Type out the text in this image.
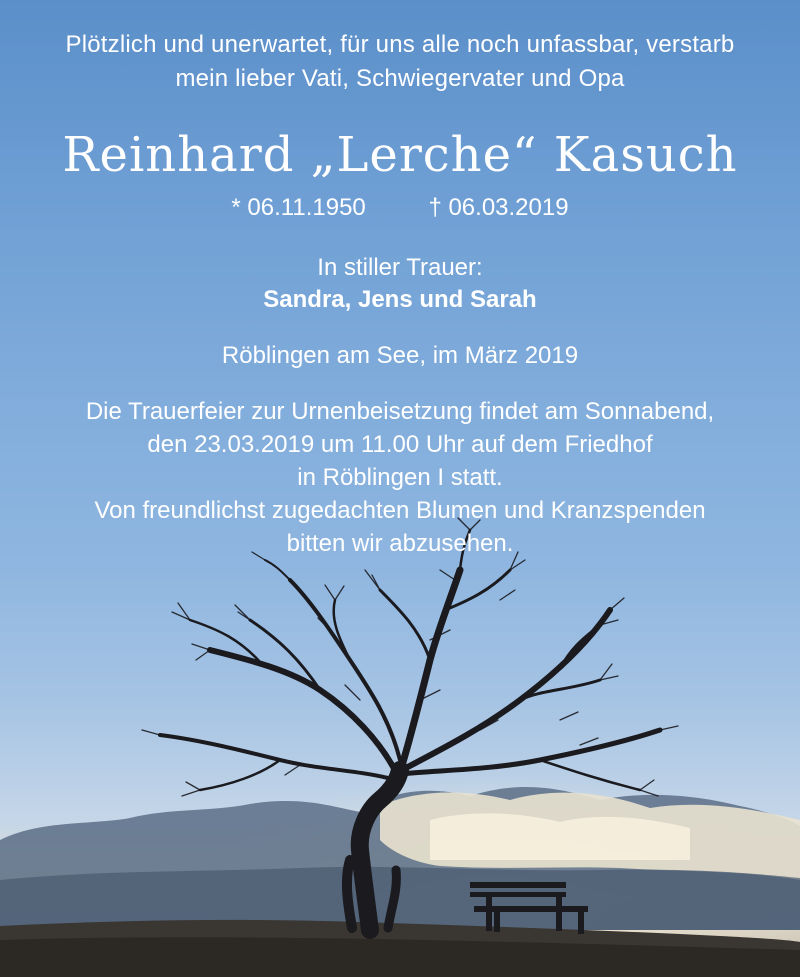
Plötzlich und unerwartet, für uns alle noch unfassbar, verstarb
mein lieber Vati, Schwiegervater und Opa
Reinhard „Lerche“ Kasuch
* 06.11.1950	† 06.03.2019
In stiller Trauer:
Sandra, Jens und Sarah
Röblingen am See, im März 2019
Die Trauerfeier zur Urnenbeisetzung findet am Sonnabend,
den 23.03.2019 um 11.00 Uhr auf dem Friedhof
in Röblingen I statt.
Von freundlichst zugedachten Blumen und Kranzspenden
bitten wir abzusehen.
